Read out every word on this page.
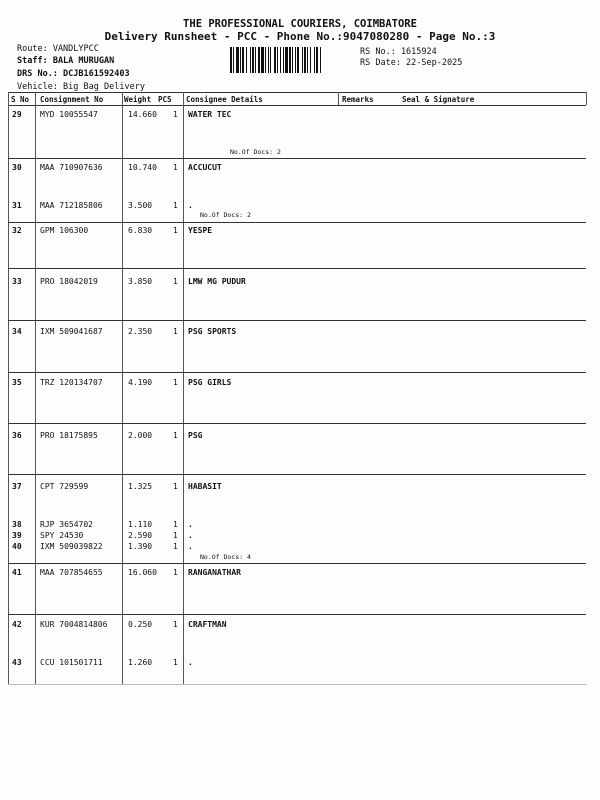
THE PROFESSIONAL COURIERS, COIMBATORE
Delivery Runsheet - PCC - Phone No.:9047080280 - Page No.:3
Route: VANDLYPCC
Staff: BALA MURUGAN
DRS No.: DCJB161592403
Vehicle: Big Bag Delivery
RS No.: 1615924
RS Date: 22-Sep-2025
S No Consignment No	Weight PCS Consignee Details	Remarks	Seal & Signature
29 MYD 10055547	14.660 1 WATER TEC
No.Of Docs: 2
30 MAA 710907636	10.740 1 ACCUCUT
31 MAA 712185806	3.500	1 .
No.Of Docs: 2
32 GPM 106300	6.830	1 YESPE
33 PRO 18042019	3.850	1 LMW MG PUDUR
34 IXM 509041687	2.350	1 PSG SPORTS
35 TRZ 120134707	4.190	1 PSG GIRLS
36 PRO 18175895	2.000	1 PSG
37 CPT 729599	1.325	1 HABASIT
38 RJP 3654702	1.110	1 .
39 SPY 24530	2.590	1 .
40 IXM 509039822	1.390	1 .
No.Of Docs: 4
41 MAA 707854655	16.060 1 RANGANATHAR
42 KUR 7004814806	0.250	1 CRAFTMAN
43 CCU 101501711	1.260	1 .
